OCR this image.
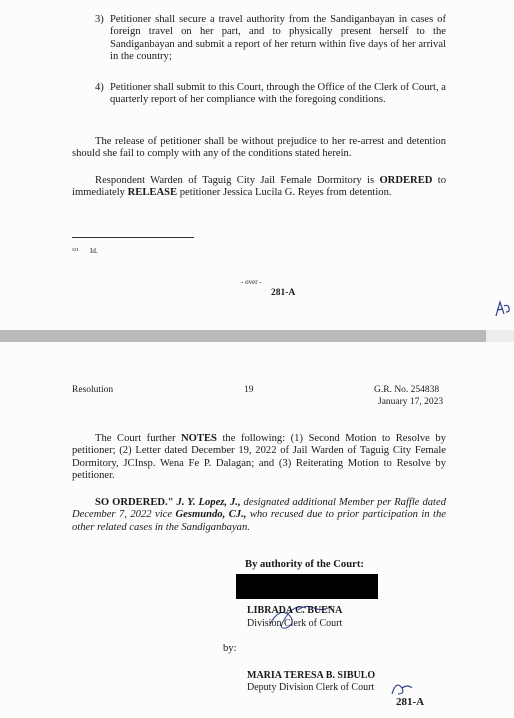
3) Petitioner shall secure a travel authority from the Sandiganbayan in cases of foreign travel on her part, and to physically present herself to the Sandiganbayan and submit a report of her return within five days of her arrival in the country;

4) Petitioner shall submit to this Court, through the Office of the Clerk of Court, a quarterly report of her compliance with the foregoing conditions.

The release of petitioner shall be without prejudice to her re-arrest and detention should she fail to comply with any of the conditions stated herein.

Respondent Warden of Taguig City Jail Female Dormitory is ORDERED to immediately RELEASE petitioner Jessica Lucila G. Reyes from detention.

¹¹¹ Id.
- over -
281-A
Resolution	19	G.R. No. 254838
January 17, 2023

The Court further NOTES the following: (1) Second Motion to Resolve by petitioner; (2) Letter dated December 19, 2022 of Jail Warden of Taguig City Female Dormitory, JCInsp. Wena Fe P. Dalagan; and (3) Reiterating Motion to Resolve by petitioner.

SO ORDERED." J. Y. Lopez, J., designated additional Member per Raffle dated December 7, 2022 vice Gesmundo, CJ., who recused due to prior participation in the other related cases in the Sandiganbayan.

By authority of the Court:
LIBRADA C. BUENA
Division Clerk of Court
by:
MARIA TERESA B. SIBULO
Deputy Division Clerk of Court
281-A
